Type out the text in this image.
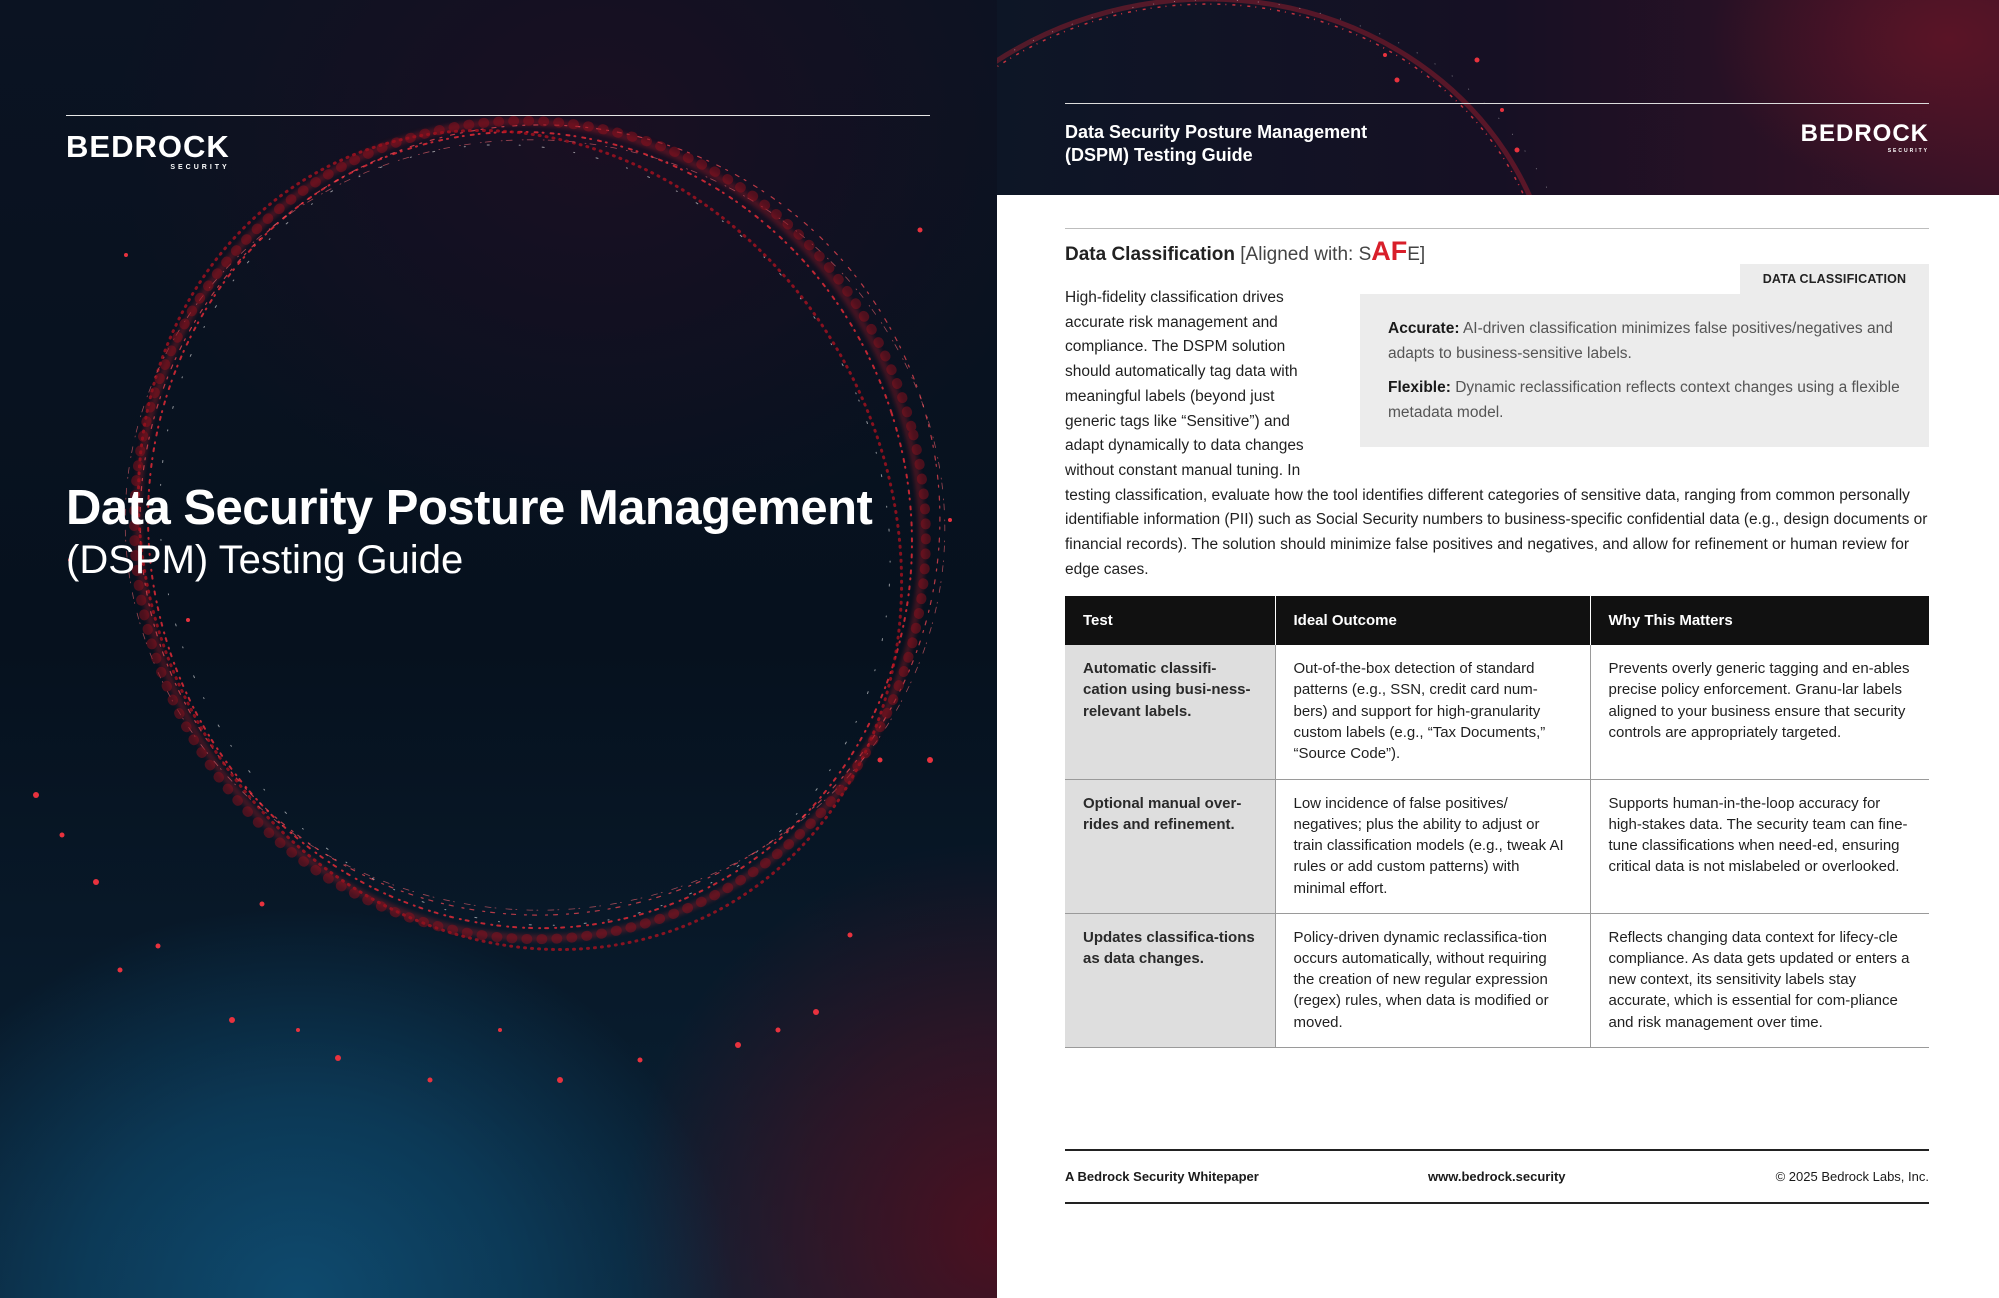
BEDROCK
SECURITY
Data Security Posture Management
(DSPM) Testing Guide
Data Security Posture Management
(DSPM) Testing Guide
BEDROCK
SECURITY
Data Classification [Aligned with: SAFE]
DATA CLASSIFICATION

Accurate: AI-driven classification minimizes false positives/negatives and adapts to business-sensitive labels.

Flexible: Dynamic reclassification reflects context changes using a flexible metadata model.

High-fidelity classification drives
accurate risk management and
compliance. The DSPM solution
should automatically tag data with
meaningful labels (beyond just
generic tags like “Sensitive”) and
adapt dynamically to data changes
without constant manual tuning. In
testing classification, evaluate how the tool identifies different categories of sensitive data, ranging from common personally identifiable information (PII) such as Social Security numbers to business-specific confidential data (e.g., design documents or financial records). The solution should minimize false positives and negatives, and allow for refinement or human review for edge cases.
Test	Ideal Outcome	Why This Matters
Automatic classifi-cation using busi-ness-relevant labels.	Out-of-the-box detection of standard patterns (e.g., SSN, credit card num-bers) and support for high-granularity custom labels (e.g., “Tax Documents,” “Source Code”).	Prevents overly generic tagging and en-ables precise policy enforcement. Granu-lar labels aligned to your business ensure that security controls are appropriately targeted.
Optional manual over-rides and refinement.	Low incidence of false positives/ negatives; plus the ability to adjust or train classification models (e.g., tweak AI rules or add custom patterns) with minimal effort.	Supports human-in-the-loop accuracy for high-stakes data. The security team can fine-tune classifications when need-ed, ensuring critical data is not mislabeled or overlooked.
Updates classifica-tions as data changes.	Policy-driven dynamic reclassifica-tion occurs automatically, without requiring the creation of new regular expression (regex) rules, when data is modified or moved.	Reflects changing data context for lifecy-cle compliance. As data gets updated or enters a new context, its sensitivity labels stay accurate, which is essential for com-pliance and risk management over time.
A Bedrock Security Whitepaper	www.bedrock.security	© 2025 Bedrock Labs, Inc.
